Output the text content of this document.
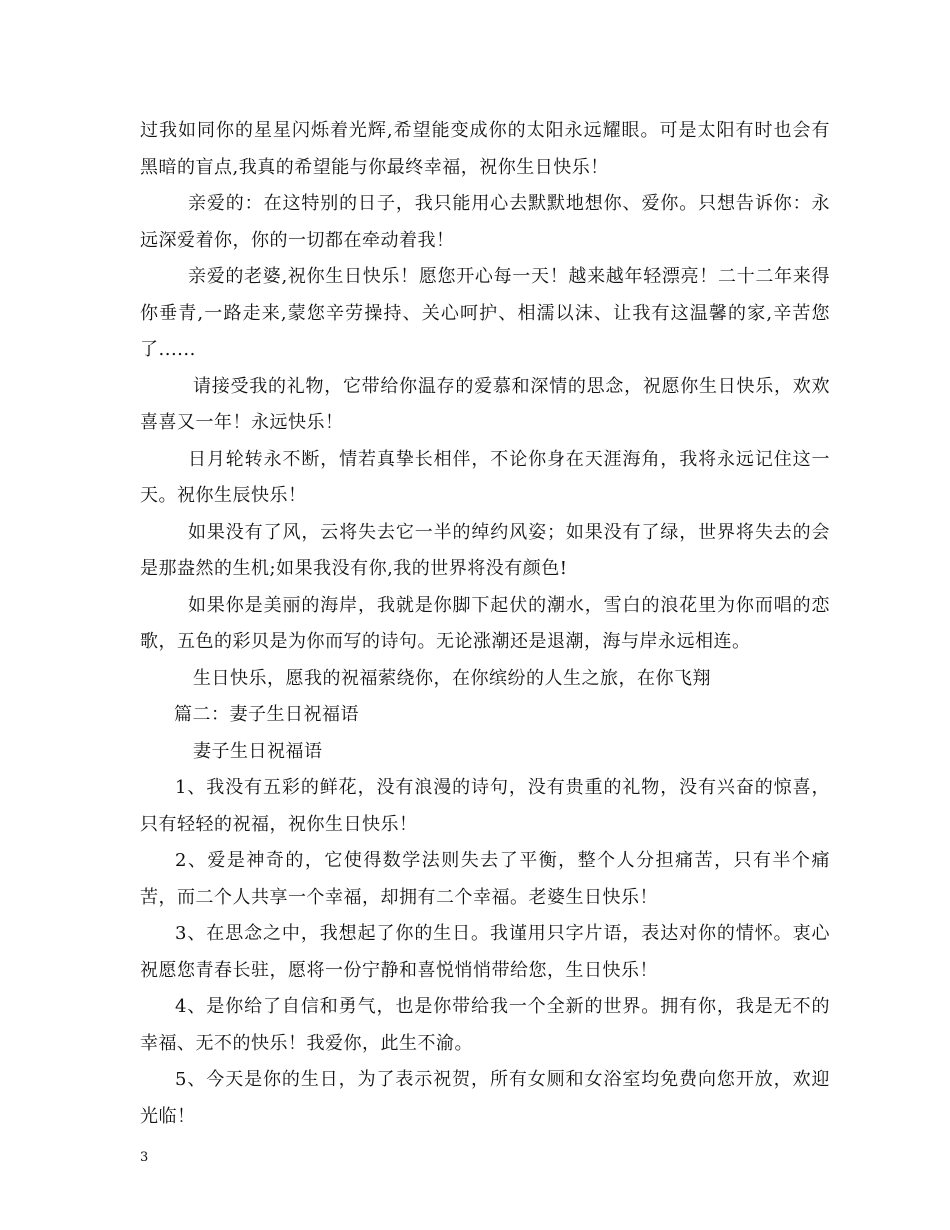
过我如同你的星星闪烁着光辉,希望能变成你的太阳永远耀眼。可是太阳有时也会有黑暗的盲点,我真的希望能与你最终幸福，祝你生日快乐！

亲爱的：在这特别的日子，我只能用心去默默地想你、爱你。只想告诉你：永远深爱着你，你的一切都在牵动着我！

亲爱的老婆,祝你生日快乐！愿您开心每一天！越来越年轻漂亮！二十二年来得你垂青,一路走来,蒙您辛劳操持、关心呵护、相濡以沫、让我有这温馨的家,辛苦您了......

请接受我的礼物，它带给你温存的爱慕和深情的思念，祝愿你生日快乐，欢欢喜喜又一年！永远快乐！

日月轮转永不断，情若真挚长相伴，不论你身在天涯海角，我将永远记住这一天。祝你生辰快乐！

如果没有了风，云将失去它一半的绰约风姿；如果没有了绿，世界将失去的会是那盎然的生机;如果我没有你,我的世界将没有颜色!

如果你是美丽的海岸，我就是你脚下起伏的潮水，雪白的浪花里为你而唱的恋歌，五色的彩贝是为你而写的诗句。无论涨潮还是退潮，海与岸永远相连。

生日快乐，愿我的祝福萦绕你，在你缤纷的人生之旅，在你飞翔

篇二：妻子生日祝福语

妻子生日祝福语

1、我没有五彩的鲜花，没有浪漫的诗句，没有贵重的礼物，没有兴奋的惊喜，只有轻轻的祝福，祝你生日快乐！

2、爱是神奇的，它使得数学法则失去了平衡，整个人分担痛苦，只有半个痛苦，而二个人共享一个幸福，却拥有二个幸福。老婆生日快乐！

3、在思念之中，我想起了你的生日。我谨用只字片语，表达对你的情怀。衷心祝愿您青春长驻，愿将一份宁静和喜悦悄悄带给您，生日快乐！

4、是你给了自信和勇气，也是你带给我一个全新的世界。拥有你，我是无不的幸福、无不的快乐！我爱你，此生不渝。

5、今天是你的生日，为了表示祝贺，所有女厕和女浴室均免费向您开放，欢迎光临！

3
